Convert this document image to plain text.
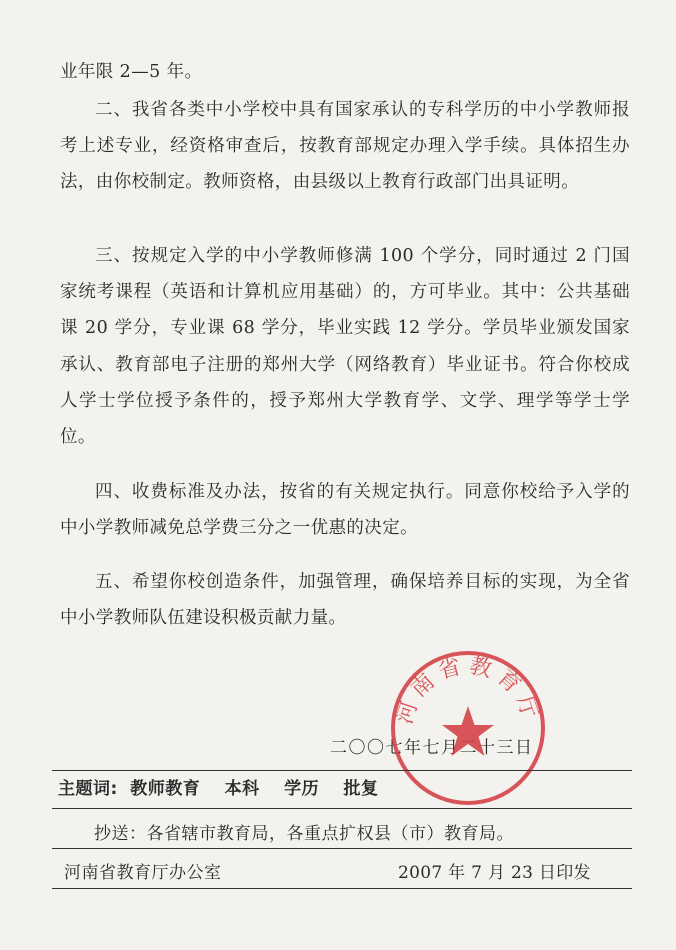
业年限 2—5 年。
二、我省各类中小学校中具有国家承认的专科学历的中小学教师报考上述专业，经资格审查后，按教育部规定办理入学手续。具体招生办法，由你校制定。教师资格，由县级以上教育行政部门出具证明。
三、按规定入学的中小学教师修满 100 个学分，同时通过 2 门国家统考课程（英语和计算机应用基础）的，方可毕业。其中：公共基础课 20 学分，专业课 68 学分，毕业实践 12 学分。学员毕业颁发国家承认、教育部电子注册的郑州大学（网络教育）毕业证书。符合你校成人学士学位授予条件的，授予郑州大学教育学、文学、理学等学士学位。
四、收费标准及办法，按省的有关规定执行。同意你校给予入学的中小学教师减免总学费三分之一优惠的决定。
五、希望你校创造条件，加强管理，确保培养目标的实现，为全省中小学教师队伍建设积极贡献力量。
二〇〇七年七月二十三日
河南省教育厅
主题词: 教师教育 本科 学历 批复
抄送：各省辖市教育局，各重点扩权县（市）教育局。
河南省教育厅办公室	2007 年 7 月 23 日印发
